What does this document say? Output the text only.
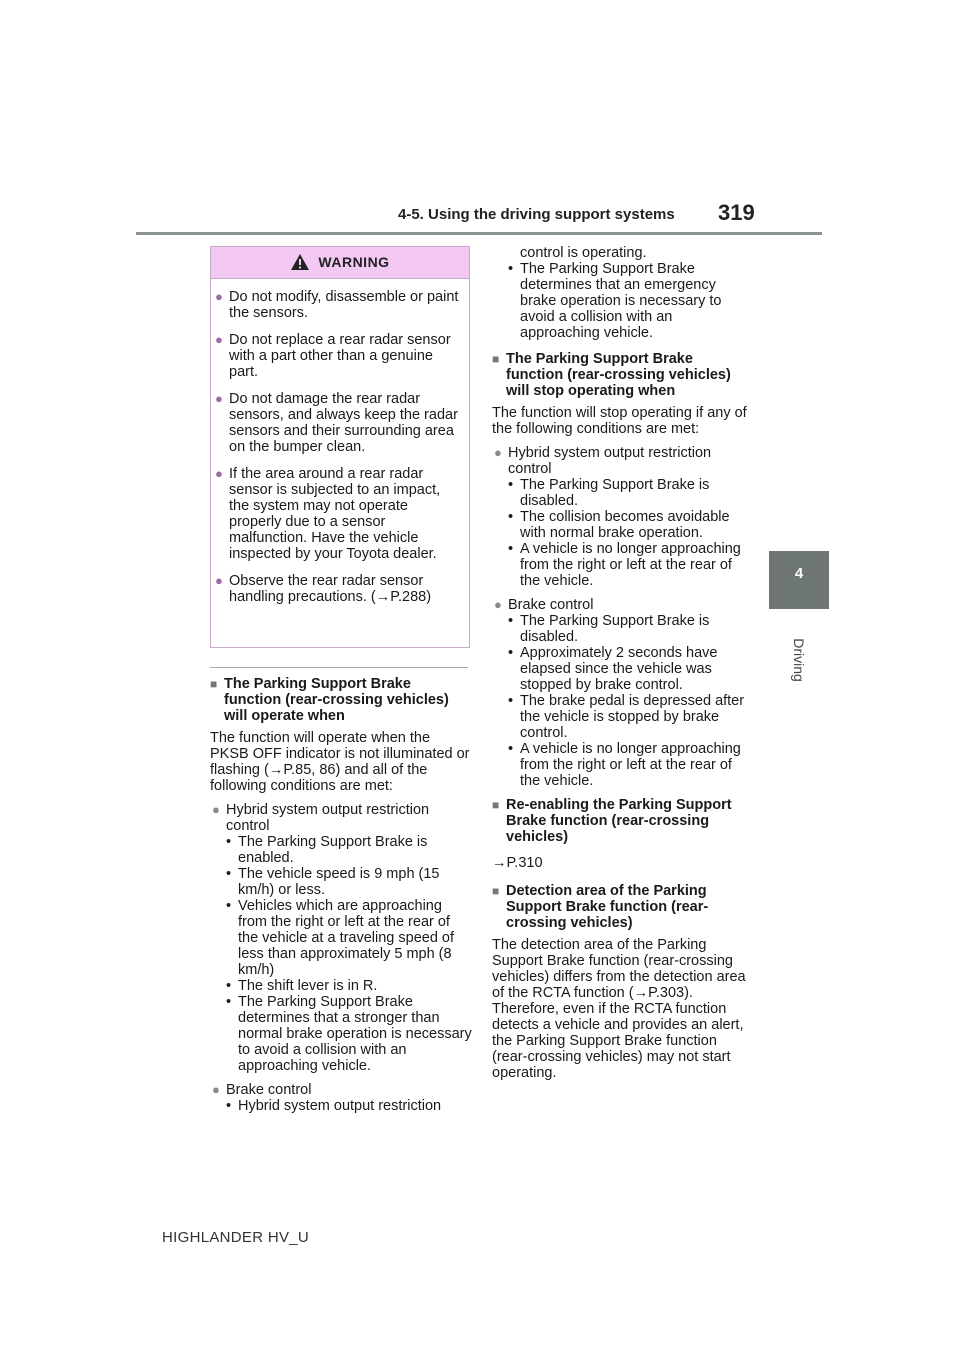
4-5. Using the driving support systems 319
4
Driving
WARNING
● Do not modify, disassemble or paint the sensors.
● Do not replace a rear radar sensor with a part other than a genuine part.
● Do not damage the rear radar sensors, and always keep the radar sensors and their surrounding area on the bumper clean.
● If the area around a rear radar sensor is subjected to an impact, the system may not operate properly due to a sensor malfunction. Have the vehicle inspected by your Toyota dealer.
● Observe the rear radar sensor handling precautions. (→P.288)
■ The Parking Support Brake function (rear-crossing vehicles) will operate when
The function will operate when the PKSB OFF indicator is not illuminated or flashing (→P.85, 86) and all of the following conditions are met:
● Hybrid system output restriction control
• The Parking Support Brake is enabled.
• The vehicle speed is 9 mph (15 km/h) or less.
• Vehicles which are approaching from the right or left at the rear of the vehicle at a traveling speed of less than approximately 5 mph (8 km/h)
• The shift lever is in R.
• The Parking Support Brake determines that a stronger than normal brake operation is necessary to avoid a collision with an approaching vehicle.
● Brake control
• Hybrid system output restriction
control is operating.
• The Parking Support Brake determines that an emergency brake operation is necessary to avoid a collision with an approaching vehicle.
■ The Parking Support Brake function (rear-crossing vehicles) will stop operating when
The function will stop operating if any of the following conditions are met:
● Hybrid system output restriction control
• The Parking Support Brake is disabled.
• The collision becomes avoidable with normal brake operation.
• A vehicle is no longer approaching from the right or left at the rear of the vehicle.
● Brake control
• The Parking Support Brake is disabled.
• Approximately 2 seconds have elapsed since the vehicle was stopped by brake control.
• The brake pedal is depressed after the vehicle is stopped by brake control.
• A vehicle is no longer approaching from the right or left at the rear of the vehicle.
■ Re-enabling the Parking Support Brake function (rear-crossing vehicles)
→P.310
■ Detection area of the Parking Support Brake function (rear-crossing vehicles)
The detection area of the Parking Support Brake function (rear-crossing vehicles) differs from the detection area of the RCTA function (→P.303). Therefore, even if the RCTA function detects a vehicle and provides an alert, the Parking Support Brake function (rear-crossing vehicles) may not start operating.
HIGHLANDER HV_U
